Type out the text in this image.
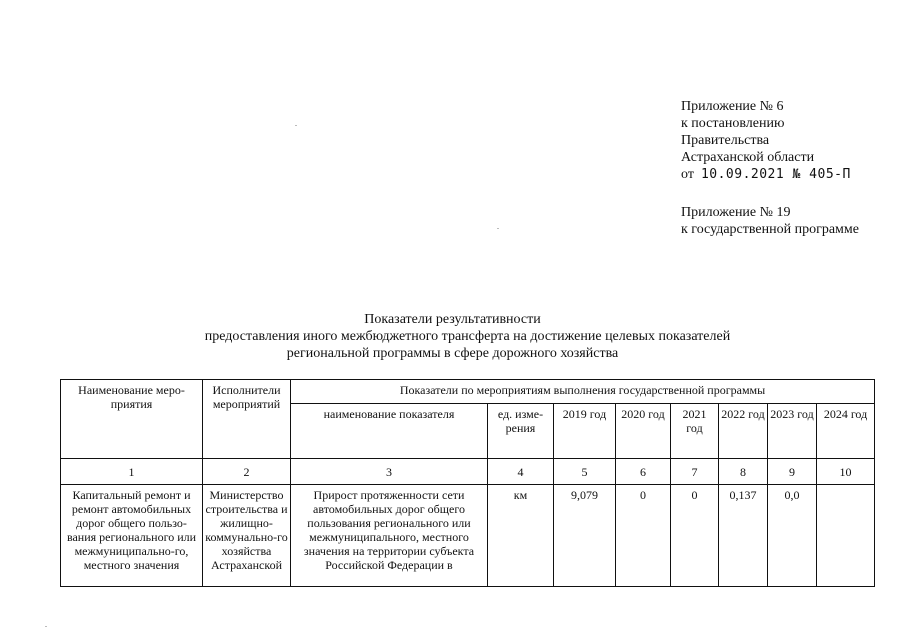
Приложение № 6
к постановлению
Правительства
Астраханской области
от 10.09.2021 № 405-П
Приложение № 19
к государственной программе
Показатели результативности
предоставления иного межбюджетного трансферта на достижение целевых показателей
региональной программы в сфере дорожного хозяйства
Наименование меро-приятия	Исполнители мероприятий	Показатели по мероприятиям выполнения государственной программы							
		наименование показателя	ед. изме-рения	2019 год	2020 год	2021 год	2022 год	2023 год	2024 год
1	2	3	4	5	6	7	8	9	10
Капитальный ремонт и ремонт автомобильных дорог общего пользо-вания регионального или межмуниципально-го, местного значения	Министерство строительства и жилищно-коммунально-го хозяйства Астраханской	Прирост протяженности сети автомобильных дорог общего пользования регионального или межмуниципального, местного значения на территории субъекта Российской Федерации в	км	9,079	0	0	0,137	0,0	
